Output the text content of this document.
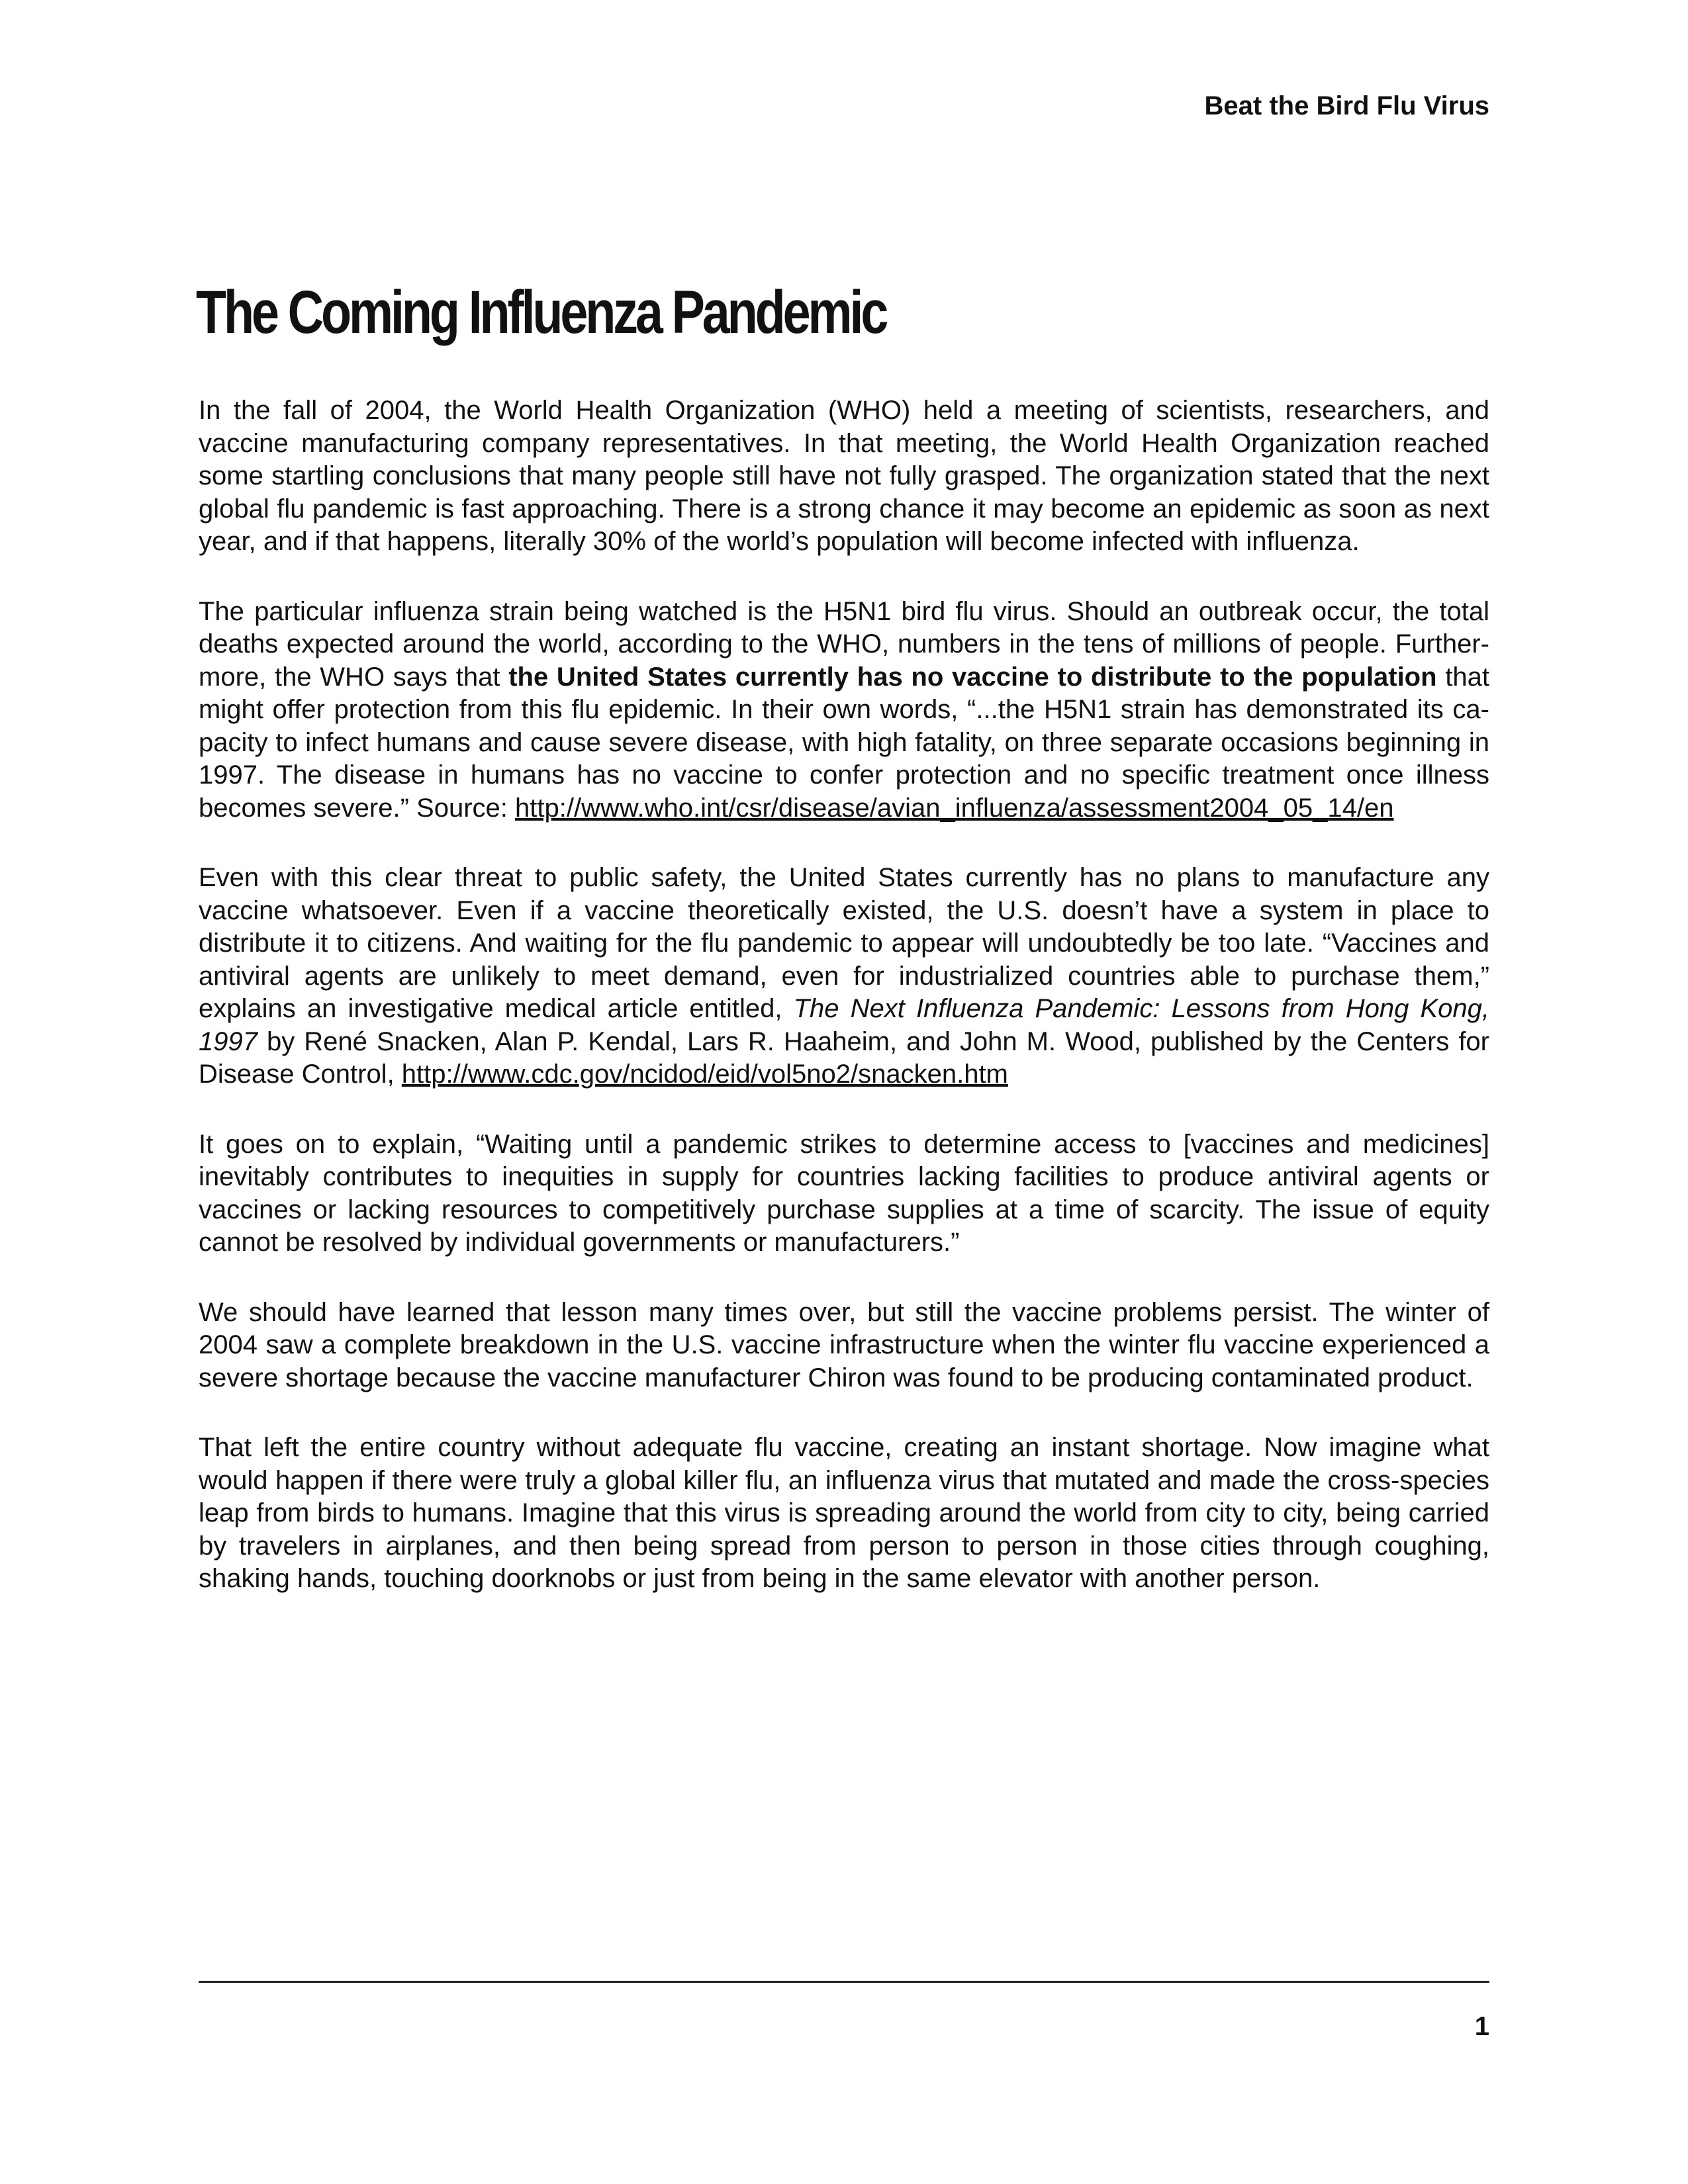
Beat the Bird Flu Virus
The Coming Influenza Pandemic

In the fall of 2004, the World Health Organization (WHO) held a meeting of scientists, researchers, and vaccine manufacturing company representatives. In that meeting, the World Health Organization reached some startling conclusions that many people still have not fully grasped. The organization stated that the next global flu pandemic is fast approaching. There is a strong chance it may become an epidemic as soon as next year, and if that happens, literally 30% of the world’s population will become infected with influenza.

The particular influenza strain being watched is the H5N1 bird flu virus. Should an outbreak occur, the total deaths expected around the world, according to the WHO, numbers in the tens of millions of people. Furthermore, the WHO says that the United States currently has no vaccine to distribute to the population that might offer protection from this flu epidemic. In their own words, “...the H5N1 strain has demonstrated its capacity to infect humans and cause severe disease, with high fatality, on three separate occasions beginning in 1997. The disease in humans has no vaccine to confer protection and no specific treatment once illness becomes severe.” Source: http://www.who.int/csr/disease/avian_influenza/assessment2004_05_14/en

Even with this clear threat to public safety, the United States currently has no plans to manufacture any vaccine whatsoever. Even if a vaccine theoretically existed, the U.S. doesn’t have a system in place to distribute it to citizens. And waiting for the flu pandemic to appear will undoubtedly be too late. “Vaccines and antiviral agents are unlikely to meet demand, even for industrialized countries able to purchase them,” explains an investigative medical article entitled, The Next Influenza Pandemic: Lessons from Hong Kong, 1997 by René Snacken, Alan P. Kendal, Lars R. Haaheim, and John M. Wood, published by the Centers for Disease Control, http://www.cdc.gov/ncidod/eid/vol5no2/snacken.htm

It goes on to explain, “Waiting until a pandemic strikes to determine access to [vaccines and medicines] inevitably contributes to inequities in supply for countries lacking facilities to produce antiviral agents or vaccines or lacking resources to competitively purchase supplies at a time of scarcity. The issue of equity cannot be resolved by individual governments or manufacturers.”

We should have learned that lesson many times over, but still the vaccine problems persist. The winter of 2004 saw a complete breakdown in the U.S. vaccine infrastructure when the winter flu vaccine experienced a severe shortage because the vaccine manufacturer Chiron was found to be producing contaminated product.

That left the entire country without adequate flu vaccine, creating an instant shortage. Now imagine what would happen if there were truly a global killer flu, an influenza virus that mutated and made the cross-species leap from birds to humans. Imagine that this virus is spreading around the world from city to city, being carried by travelers in airplanes, and then being spread from person to person in those cities through coughing, shaking hands, touching doorknobs or just from being in the same elevator with another person.

1
